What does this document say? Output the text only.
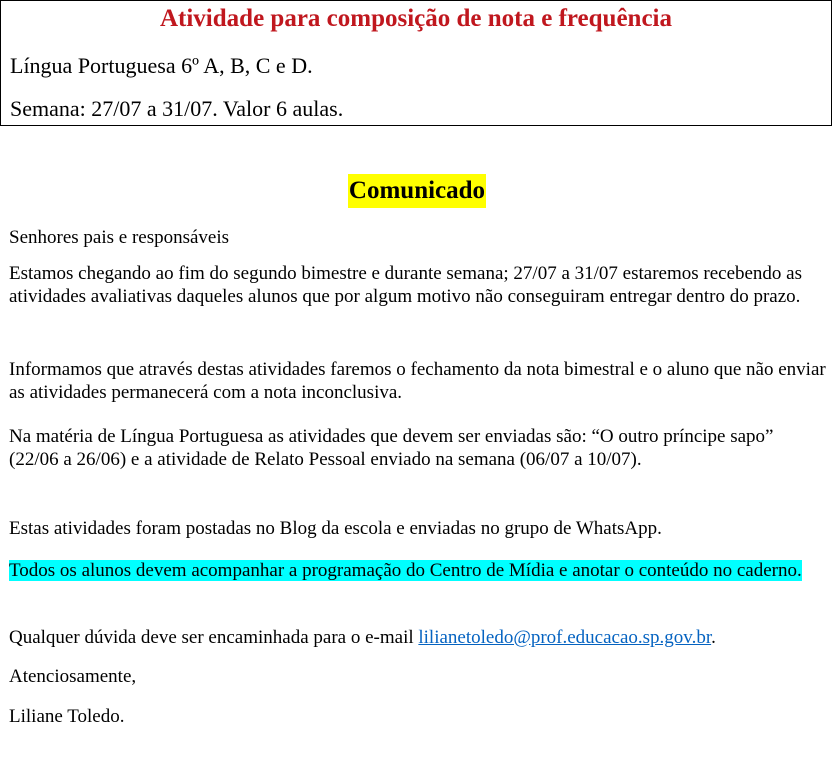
Atividade para composição de nota e frequência
Língua Portuguesa 6º A, B, C e D.
Semana: 27/07 a 31/07. Valor 6 aulas.
Comunicado

Senhores pais e responsáveis

Estamos chegando ao fim do segundo bimestre e durante semana; 27/07 a 31/07 estaremos recebendo as atividades avaliativas daqueles alunos que por algum motivo não conseguiram entregar dentro do prazo.

Informamos que através destas atividades faremos o fechamento da nota bimestral e o aluno que não enviar as atividades permanecerá com a nota inconclusiva.

Na matéria de Língua Portuguesa as atividades que devem ser enviadas são: “O outro príncipe sapo” (22/06 a 26/06) e a atividade de Relato Pessoal enviado na semana (06/07 a 10/07).

Estas atividades foram postadas no Blog da escola e enviadas no grupo de WhatsApp.

Todos os alunos devem acompanhar a programação do Centro de Mídia e anotar o conteúdo no caderno.

Qualquer dúvida deve ser encaminhada para o e-mail lilianetoledo@prof.educacao.sp.gov.br.

Atenciosamente,

Liliane Toledo.
